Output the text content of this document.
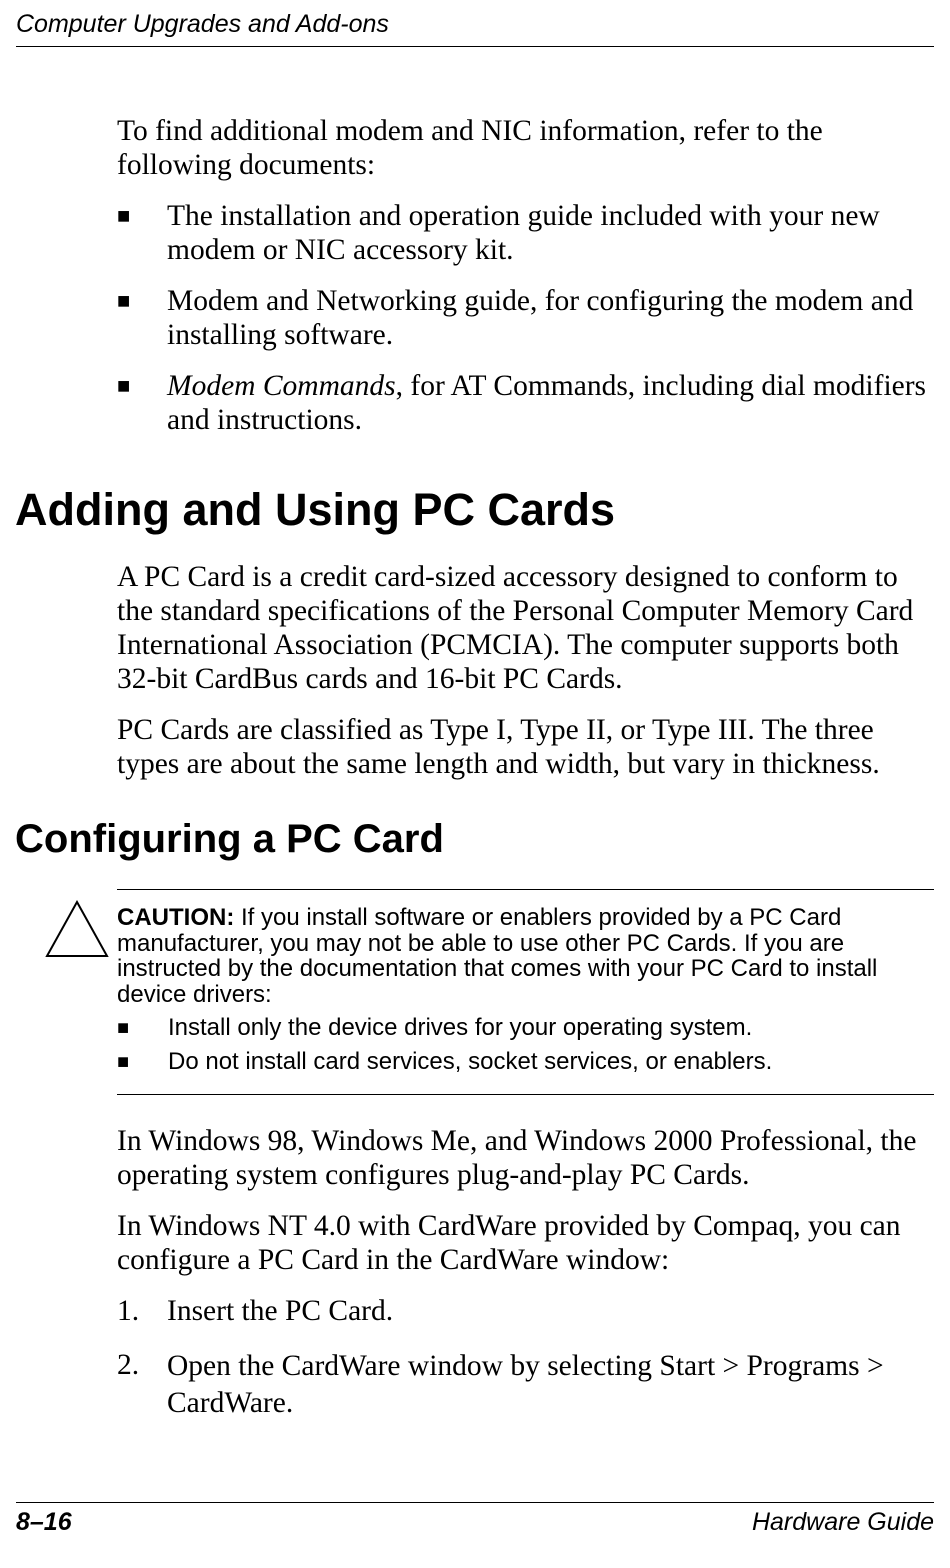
Computer Upgrades and Add-ons

To find additional modem and NIC information, refer to the following documents:

■ The installation and operation guide included with your new modem or NIC accessory kit.
■ Modem and Networking guide, for configuring the modem and installing software.
■ Modem Commands, for AT Commands, including dial modifiers and instructions.
Adding and Using PC Cards

A PC Card is a credit card-sized accessory designed to conform to the standard specifications of the Personal Computer Memory Card International Association (PCMCIA). The computer supports both 32-bit CardBus cards and 16-bit PC Cards.

PC Cards are classified as Type I, Type II, or Type III. The three types are about the same length and width, but vary in thickness.

Configuring a PC Card
CAUTION: If you install software or enablers provided by a PC Card manufacturer, you may not be able to use other PC Cards. If you are instructed by the documentation that comes with your PC Card to install device drivers:
■ Install only the device drives for your operating system.
■ Do not install card services, socket services, or enablers.

In Windows 98, Windows Me, and Windows 2000 Professional, the operating system configures plug-and-play PC Cards.

In Windows NT 4.0 with CardWare provided by Compaq, you can configure a PC Card in the CardWare window:

1. Insert the PC Card.
2. Open the CardWare window by selecting Start > Programs > CardWare.
8–16	Hardware Guide
